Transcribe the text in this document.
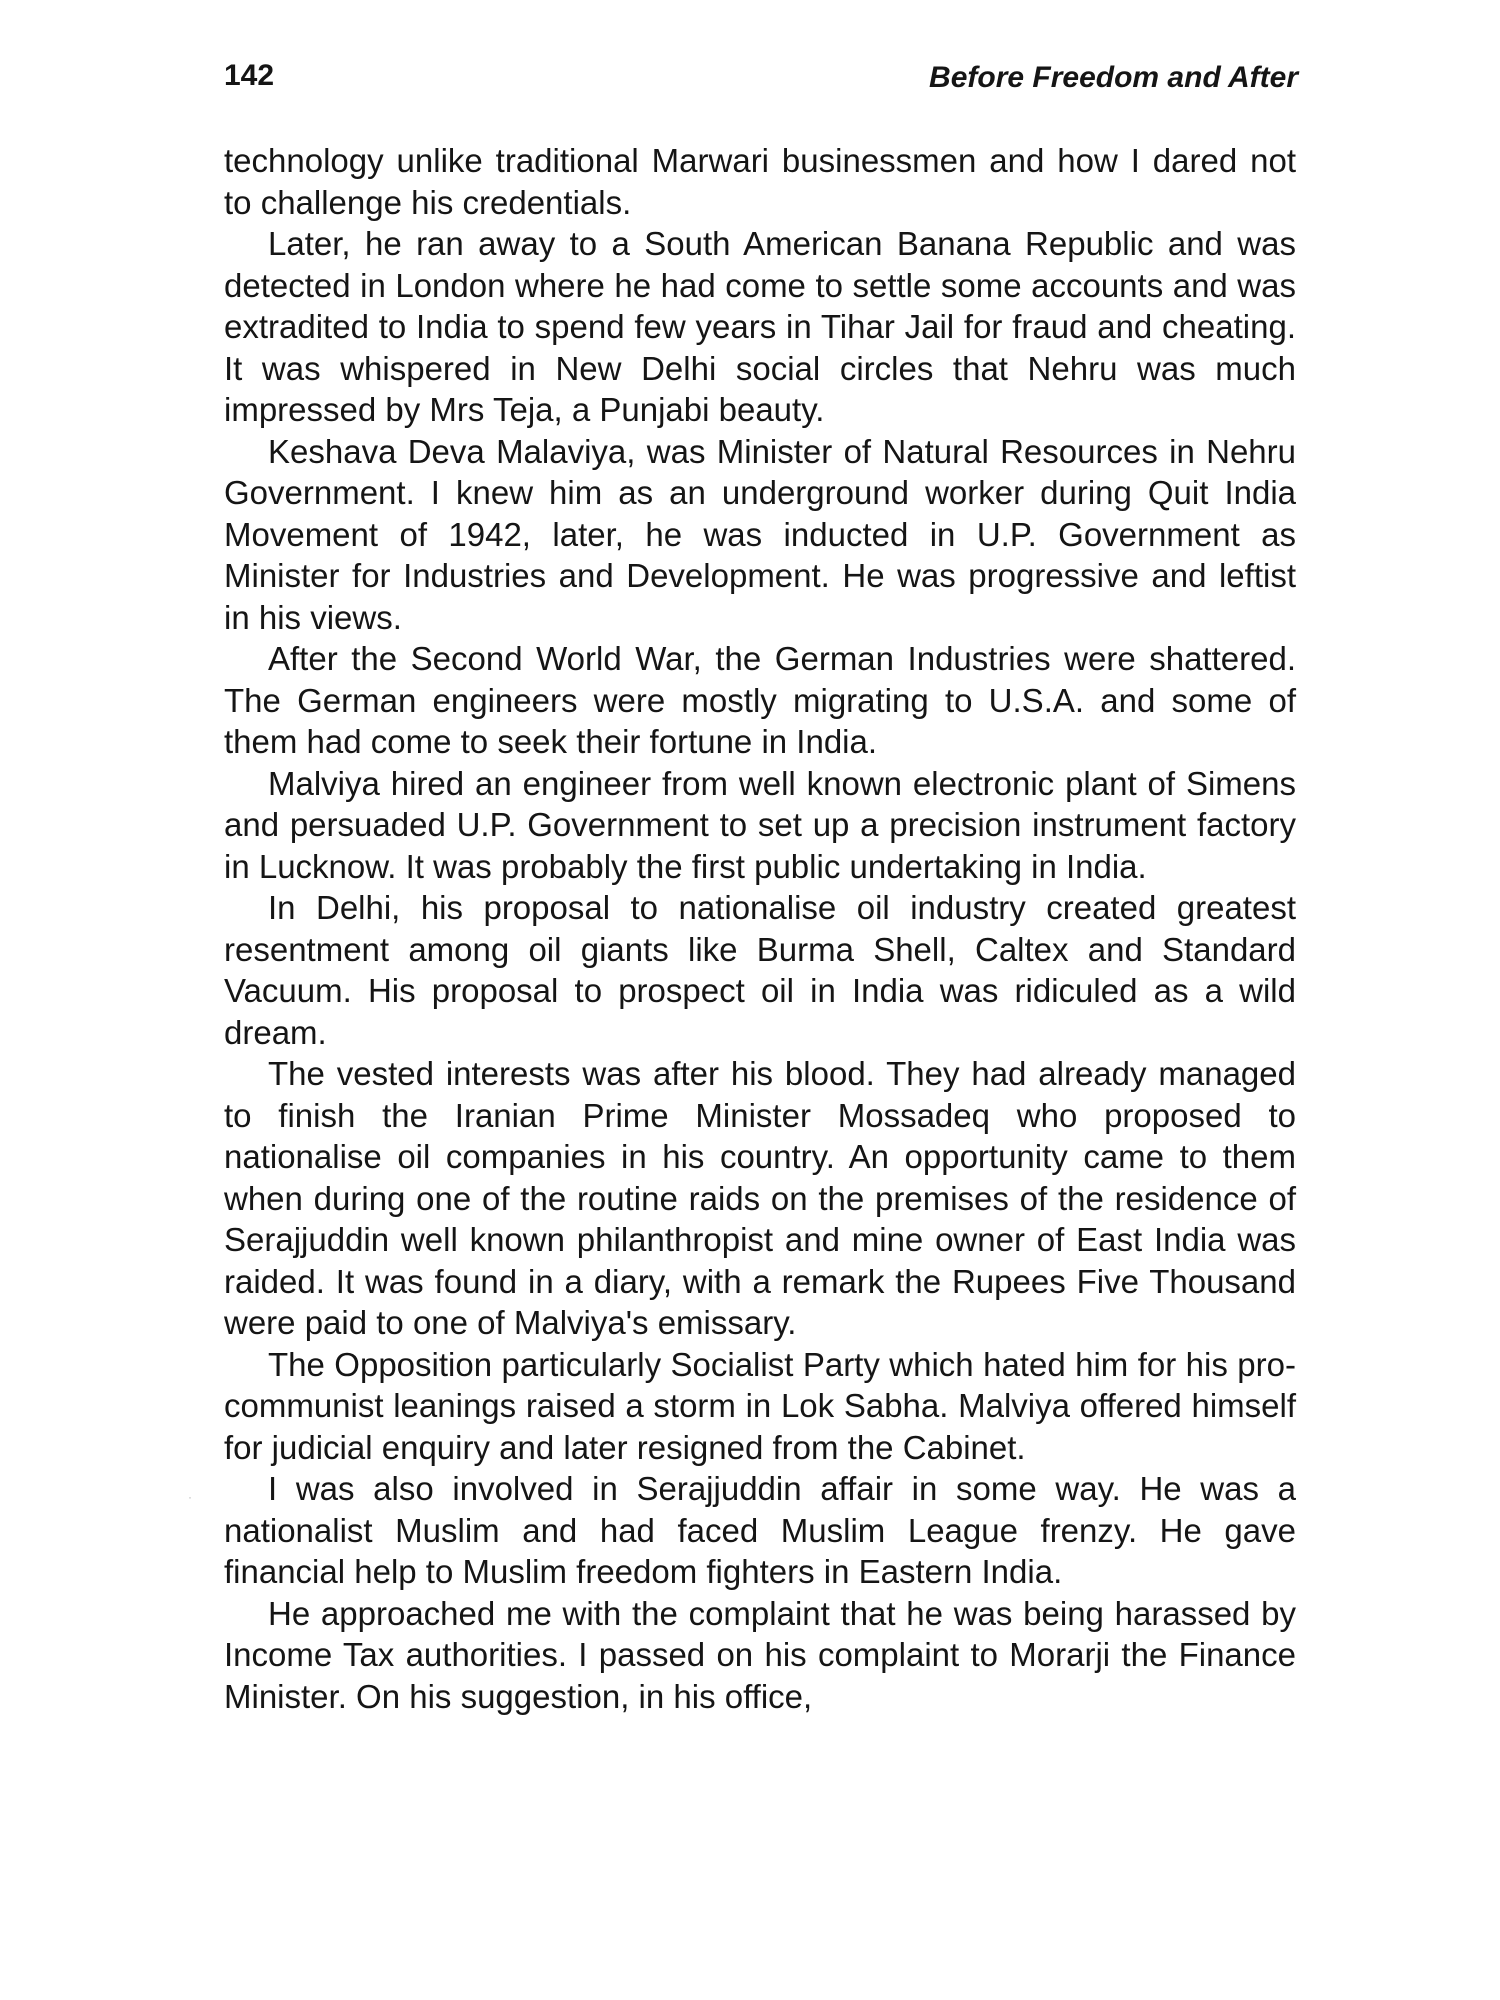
142	Before Freedom and After

technology unlike traditional Marwari businessmen and how I dared not to challenge his credentials.

Later, he ran away to a South American Banana Republic and was detected in London where he had come to settle some accounts and was extradited to India to spend few years in Tihar Jail for fraud and cheating. It was whispered in New Delhi social circles that Nehru was much impressed by Mrs Teja, a Punjabi beauty.

Keshava Deva Malaviya, was Minister of Natural Resources in Nehru Government. I knew him as an underground worker during Quit India Movement of 1942, later, he was inducted in U.P. Government as Minister for Industries and Development. He was progressive and leftist in his views.

After the Second World War, the German Industries were shattered. The German engineers were mostly migrating to U.S.A. and some of them had come to seek their fortune in India.

Malviya hired an engineer from well known electronic plant of Simens and persuaded U.P. Government to set up a precision instrument factory in Lucknow. It was probably the first public undertaking in India.

In Delhi, his proposal to nationalise oil industry created greatest resentment among oil giants like Burma Shell, Caltex and Standard Vacuum. His proposal to prospect oil in India was ridiculed as a wild dream.

The vested interests was after his blood. They had already managed to finish the Iranian Prime Minister Mossadeq who proposed to nationalise oil companies in his country. An opportunity came to them when during one of the routine raids on the premises of the residence of Serajjuddin well known philanthropist and mine owner of East India was raided. It was found in a diary, with a remark the Rupees Five Thousand were paid to one of Malviya's emissary.

The Opposition particularly Socialist Party which hated him for his pro-communist leanings raised a storm in Lok Sabha. Malviya offered himself for judicial enquiry and later resigned from the Cabinet.

I was also involved in Serajjuddin affair in some way. He was a nationalist Muslim and had faced Muslim League frenzy. He gave financial help to Muslim freedom fighters in Eastern India.

He approached me with the complaint that he was being harassed by Income Tax authorities. I passed on his complaint to Morarji the Finance Minister. On his suggestion, in his office,

·
